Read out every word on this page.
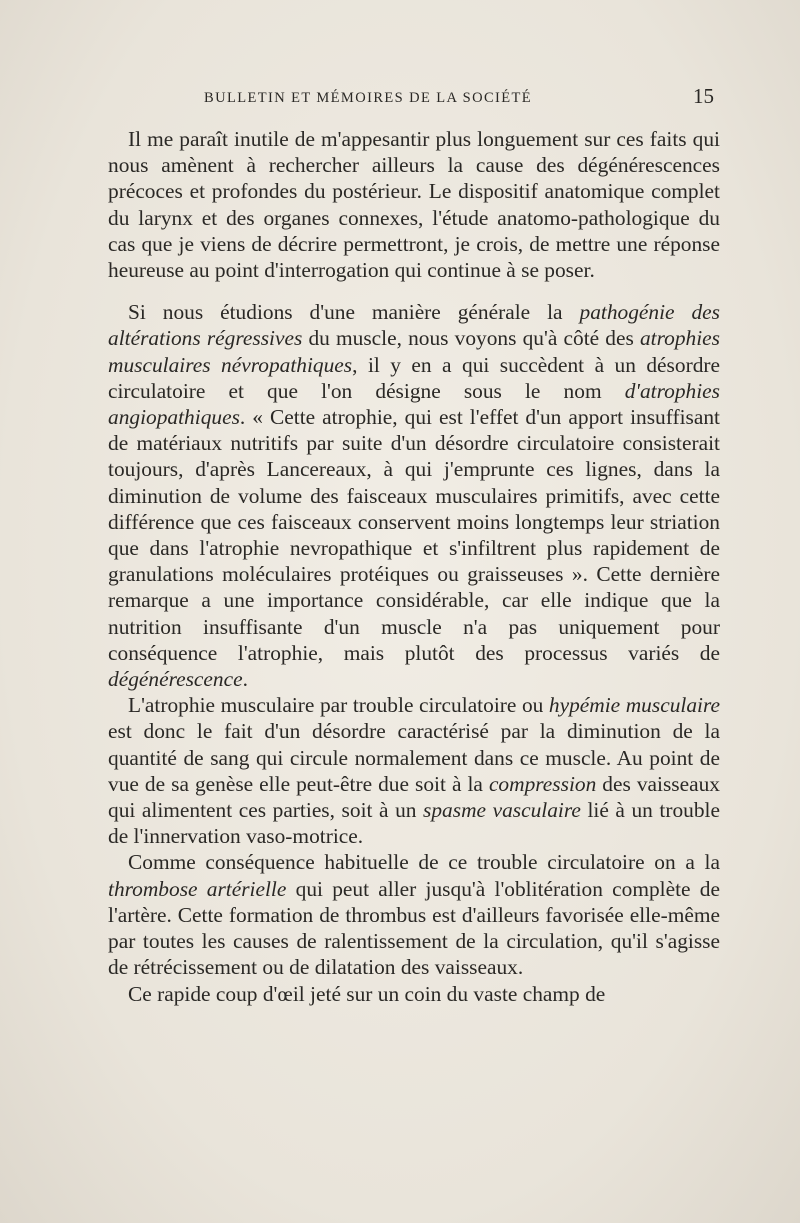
BULLETIN ET MÉMOIRES DE LA SOCIÉTÉ	15

Il me paraît inutile de m'appesantir plus longuement sur ces faits qui nous amènent à rechercher ailleurs la cause des dégénérescences précoces et profondes du postérieur. Le dispositif anatomique complet du larynx et des organes connexes, l'étude anatomo-pathologique du cas que je viens de décrire permettront, je crois, de mettre une réponse heureuse au point d'interrogation qui continue à se poser.

Si nous étudions d'une manière générale la pathogénie des altérations régressives du muscle, nous voyons qu'à côté des atrophies musculaires névropathiques, il y en a qui succèdent à un désordre circulatoire et que l'on désigne sous le nom d'atrophies angiopathiques. « Cette atrophie, qui est l'effet d'un apport insuffisant de matériaux nutritifs par suite d'un désordre circulatoire consisterait toujours, d'après Lancereaux, à qui j'emprunte ces lignes, dans la diminution de volume des faisceaux musculaires primitifs, avec cette différence que ces faisceaux conservent moins longtemps leur striation que dans l'atrophie nevropathique et s'infiltrent plus rapidement de granulations moléculaires protéiques ou graisseuses ». Cette dernière remarque a une importance considérable, car elle indique que la nutrition insuffisante d'un muscle n'a pas uniquement pour conséquence l'atrophie, mais plutôt des processus variés de dégénérescence.

L'atrophie musculaire par trouble circulatoire ou hypémie musculaire est donc le fait d'un désordre caractérisé par la diminution de la quantité de sang qui circule normalement dans ce muscle. Au point de vue de sa genèse elle peut-être due soit à la compression des vaisseaux qui alimentent ces parties, soit à un spasme vasculaire lié à un trouble de l'innervation vaso-motrice.

Comme conséquence habituelle de ce trouble circulatoire on a la thrombose artérielle qui peut aller jusqu'à l'oblitération complète de l'artère. Cette formation de thrombus est d'ailleurs favorisée elle-même par toutes les causes de ralentissement de la circulation, qu'il s'agisse de rétrécissement ou de dilatation des vaisseaux.

Ce rapide coup d'œil jeté sur un coin du vaste champ de
